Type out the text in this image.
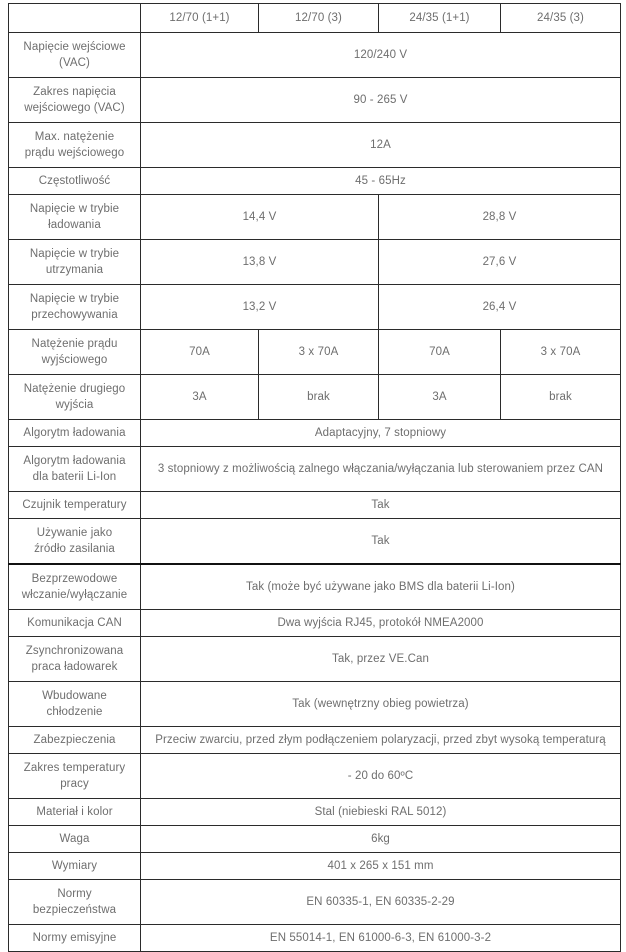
	12/70 (1+1)	12/70 (3)	24/35 (1+1)	24/35 (3)
Napięcie wejściowe
(VAC)	120/240 V			
Zakres napięcia
wejściowego (VAC)	90 - 265 V			
Max. natężenie
prądu wejściowego	12A			
Częstotliwość	45 - 65Hz			
Napięcie w trybie
ładowania	14,4 V		28,8 V	
Napięcie w trybie
utrzymania	13,8 V		27,6 V	
Napięcie w trybie
przechowywania	13,2 V		26,4 V	
Natężenie prądu
wyjściowego	70A	3 x 70A	70A	3 x 70A
Natężenie drugiego
wyjścia	3A	brak	3A	brak
Algorytm ładowania	Adaptacyjny, 7 stopniowy			
Algorytm ładowania
dla baterii Li-Ion	3 stopniowy z możliwością zalnego włączania/wyłączania lub sterowaniem przez CAN			
Czujnik temperatury	Tak			
Używanie jako
źródło zasilania	Tak			
Bezprzewodowe
włczanie/wyłączanie	Tak (może być używane jako BMS dla baterii Li-Ion)			
Komunikacja CAN	Dwa wyjścia RJ45, protokół NMEA2000			
Zsynchronizowana
praca ładowarek	Tak, przez VE.Can			
Wbudowane
chłodzenie	Tak (wewnętrzny obieg powietrza)			
Zabezpieczenia	Przeciw zwarciu, przed złym podłączeniem polaryzacji, przed zbyt wysoką temperaturą			
Zakres temperatury
pracy	- 20 do 60ºC			
Materiał i kolor	Stal (niebieski RAL 5012)			
Waga	6kg			
Wymiary	401 x 265 x 151 mm			
Normy
bezpieczeństwa	EN 60335-1, EN 60335-2-29			
Normy emisyjne	EN 55014-1, EN 61000-6-3, EN 61000-3-2			
